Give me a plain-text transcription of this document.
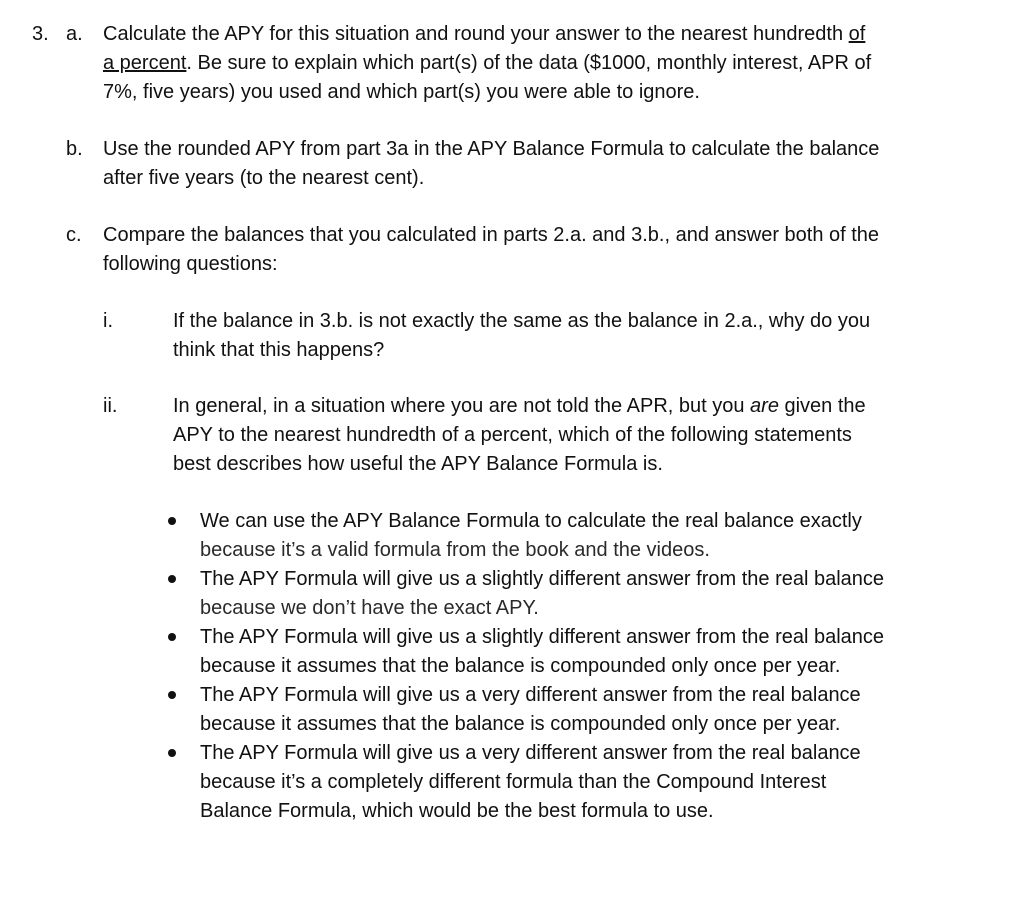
3. a. Calculate the APY for this situation and round your answer to the nearest hundredth of
a percent. Be sure to explain which part(s) of the data ($1000, monthly interest, APR of
7%, five years) you used and which part(s) you were able to ignore.
b. Use the rounded APY from part 3a in the APY Balance Formula to calculate the balance
after five years (to the nearest cent).
c. Compare the balances that you calculated in parts 2.a. and 3.b., and answer both of the
following questions:
i.	If the balance in 3.b. is not exactly the same as the balance in 2.a., why do you
think that this happens?
ii.	In general, in a situation where you are not told the APR, but you are given the
APY to the nearest hundredth of a percent, which of the following statements
best describes how useful the APY Balance Formula is.
We can use the APY Balance Formula to calculate the real balance exactly
because it’s a valid formula from the book and the videos.
The APY Formula will give us a slightly different answer from the real balance
because we don’t have the exact APY.
The APY Formula will give us a slightly different answer from the real balance
because it assumes that the balance is compounded only once per year.
The APY Formula will give us a very different answer from the real balance
because it assumes that the balance is compounded only once per year.
The APY Formula will give us a very different answer from the real balance
because it’s a completely different formula than the Compound Interest
Balance Formula, which would be the best formula to use.
